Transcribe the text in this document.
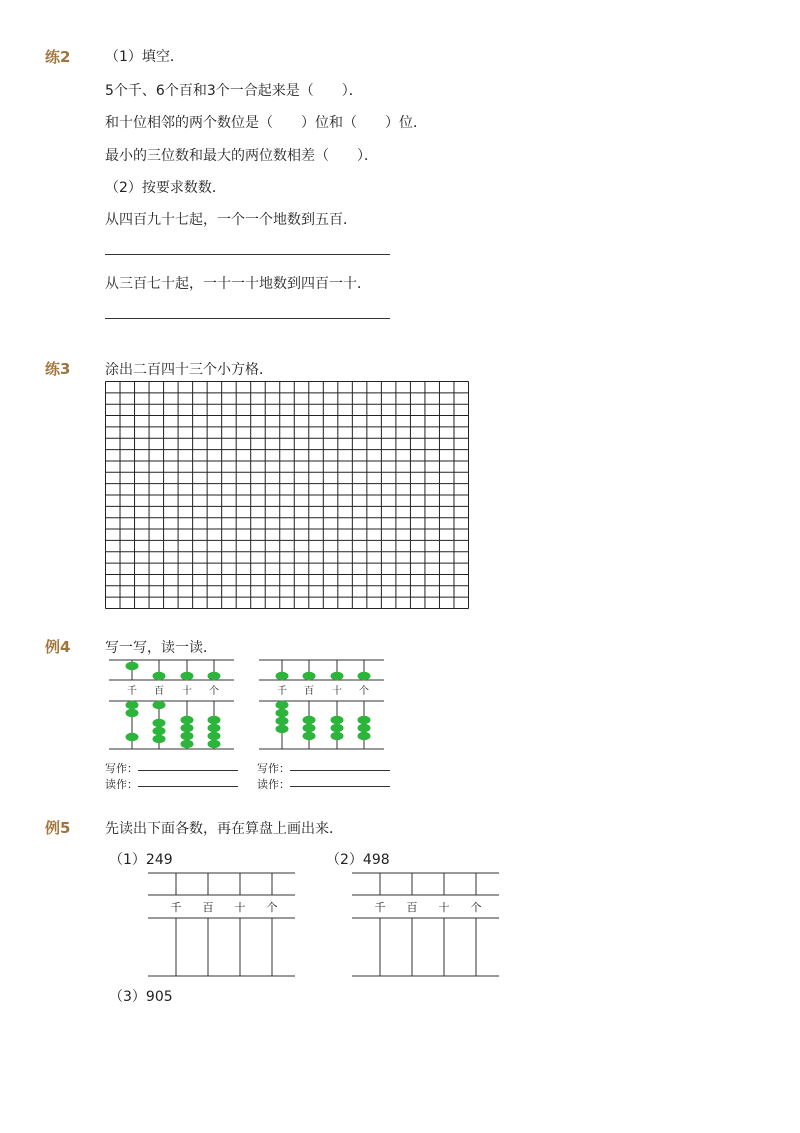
练2 （1）填空．
5个千、6个百和3个一合起来是（　　）．
和十位相邻的两个数位是（　　）位和（　　）位．
最小的三位数和最大的两位数相差（　　）．
（2）按要求数数．
从四百九十七起，一个一个地数到五百．
从三百七十起，一十一十地数到四百一十．
练3 涂出二百四十三个小方格．
例4 写一写，读一读．
千 百 十 个	千 百 十 个
写作：
读作：
写作：
读作：
例5 先读出下面各数，再在算盘上画出来．
（1）249	（2）498
千 百 十 个	千 百 十 个
（3）905
